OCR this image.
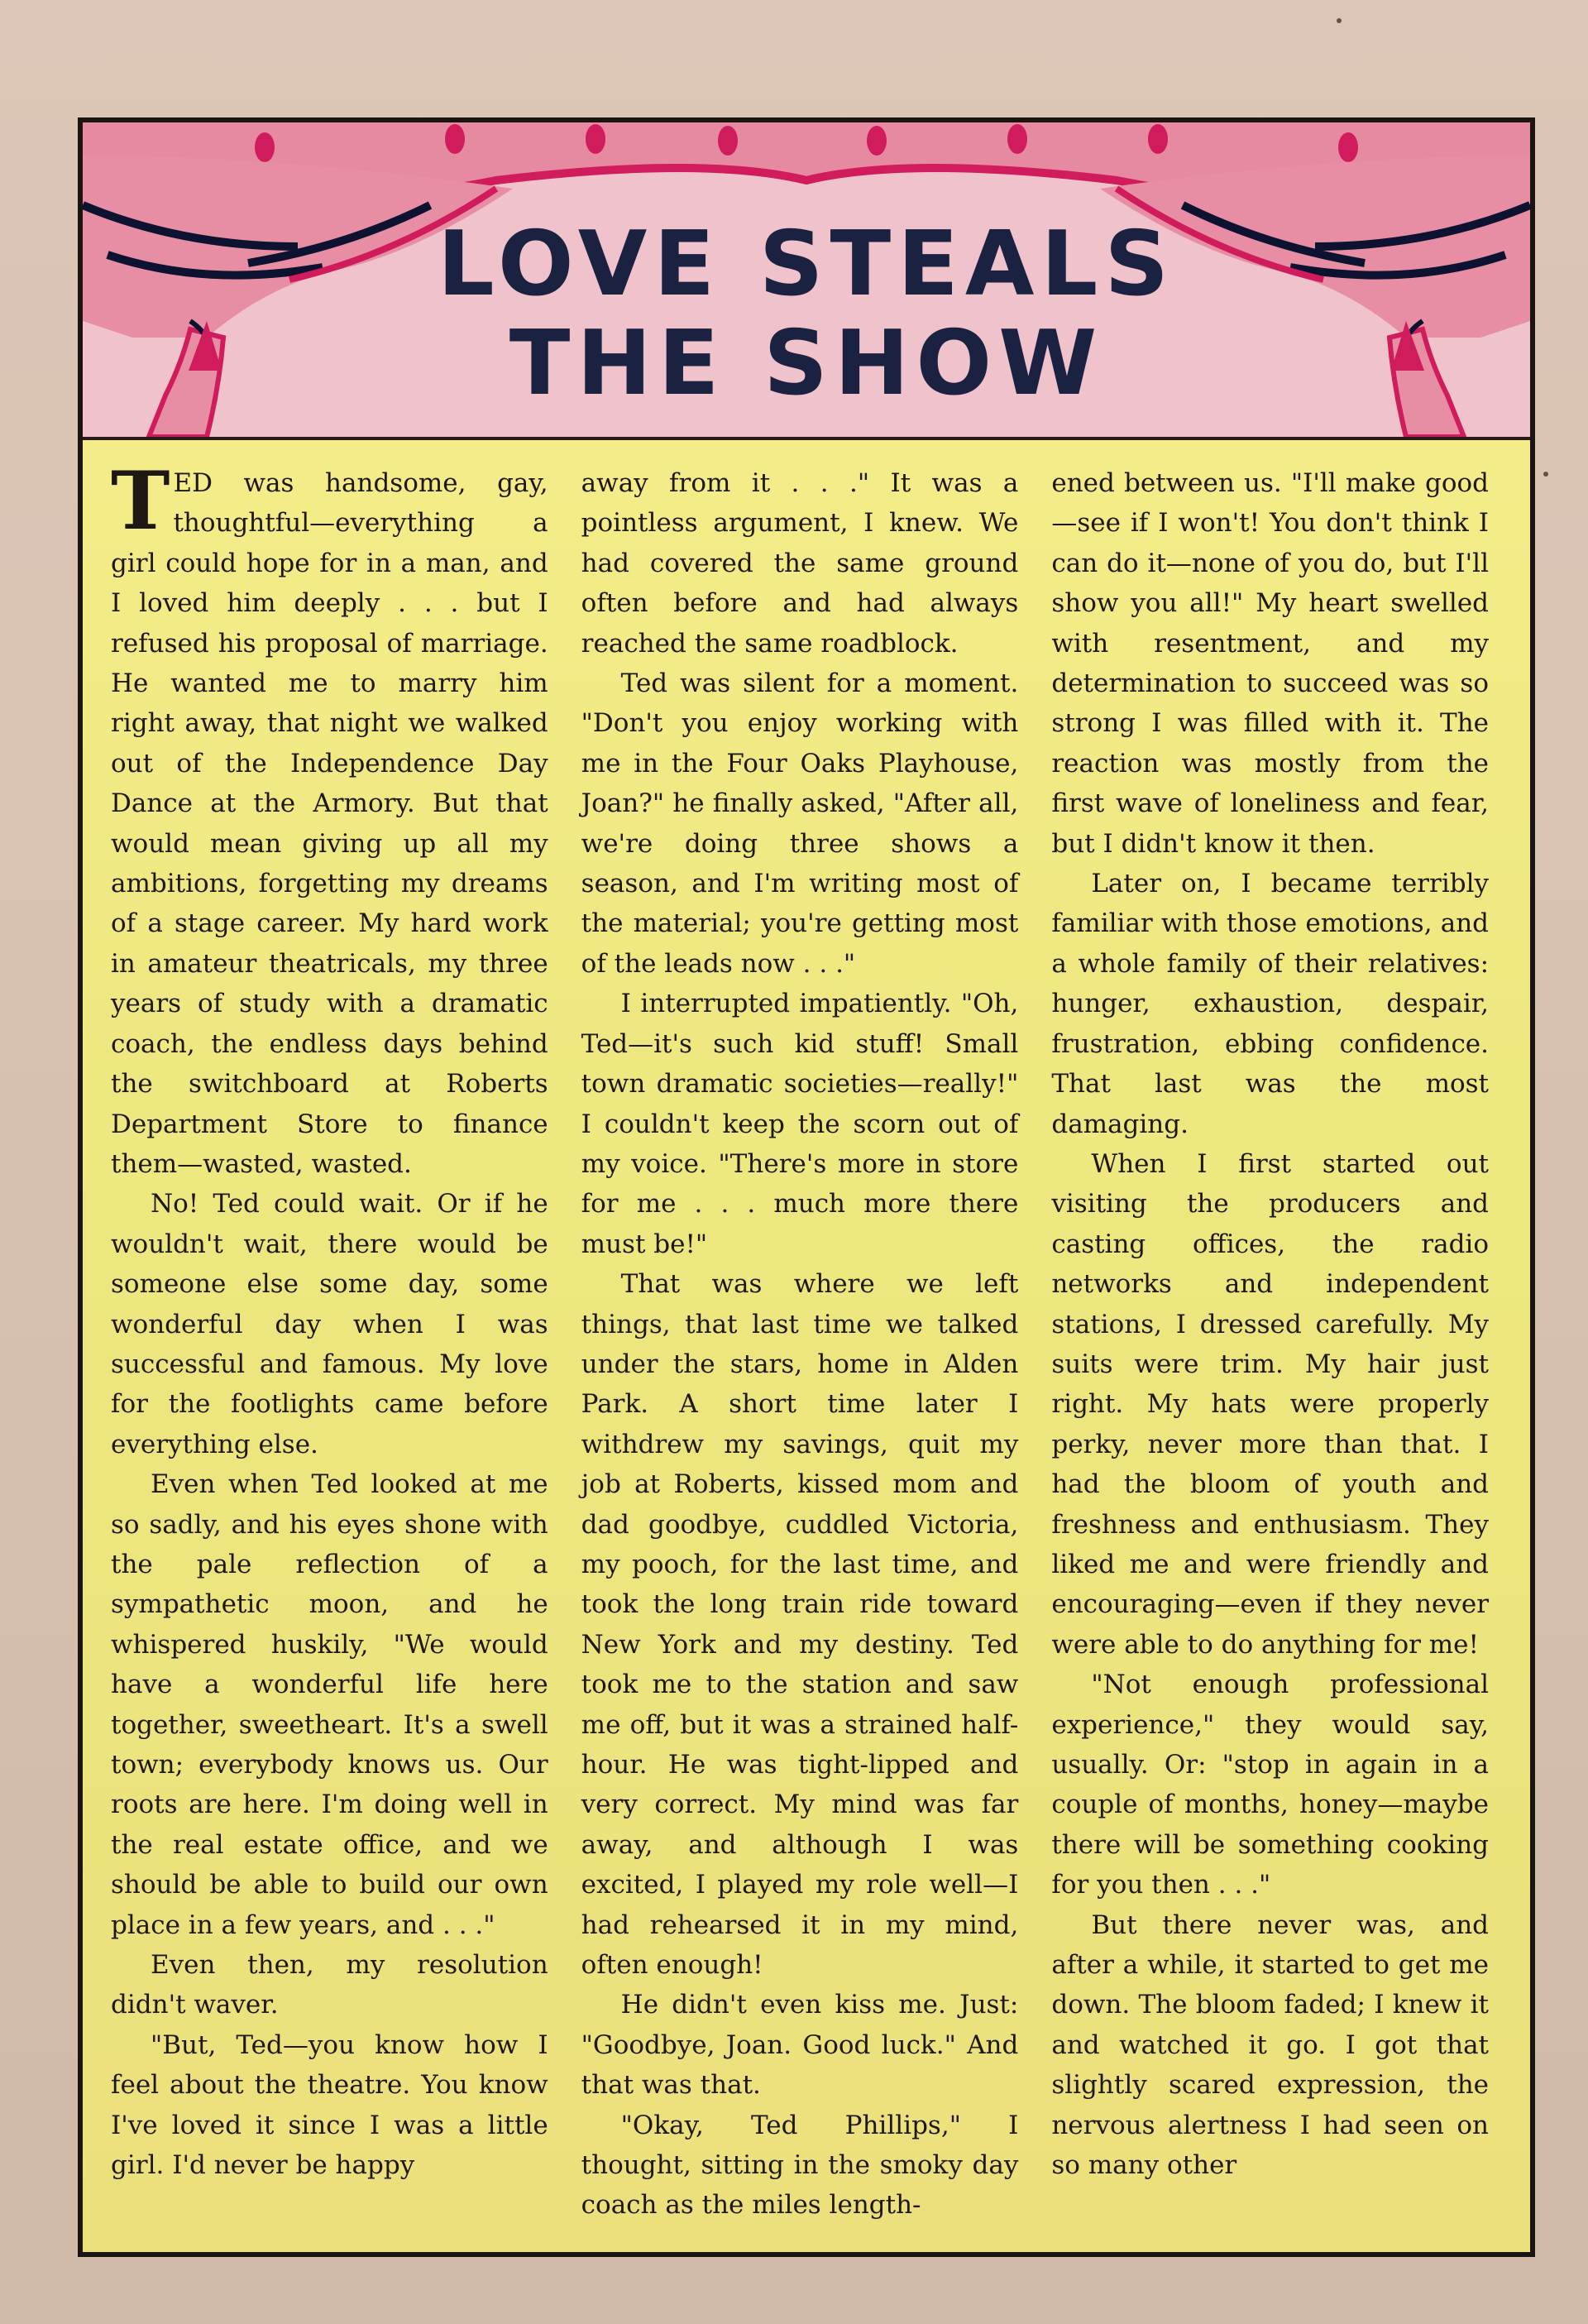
LOVE STEALS
THE SHOW

TED was handsome, gay, thoughtful—everything a girl could hope for in a man, and I loved him deeply . . . but I refused his proposal of marriage. He wanted me to marry him right away, that night we walked out of the Independence Day Dance at the Armory. But that would mean giving up all my ambitions, forgetting my dreams of a stage career. My hard work in amateur theatricals, my three years of study with a dramatic coach, the endless days behind the switchboard at Roberts Department Store to finance them—wasted, wasted.

No! Ted could wait. Or if he wouldn't wait, there would be someone else some day, some wonderful day when I was successful and famous. My love for the footlights came before everything else.

Even when Ted looked at me so sadly, and his eyes shone with the pale reflection of a sympathetic moon, and he whispered huskily, "We would have a wonderful life here together, sweetheart. It's a swell town; everybody knows us. Our roots are here. I'm doing well in the real estate office, and we should be able to build our own place in a few years, and . . ."

Even then, my resolution didn't waver.

"But, Ted—you know how I feel about the theatre. You know I've loved it since I was a little girl. I'd never be happy

away from it . . ." It was a pointless argument, I knew. We had covered the same ground often before and had always reached the same roadblock.

Ted was silent for a moment. "Don't you enjoy working with me in the Four Oaks Playhouse, Joan?" he finally asked, "After all, we're doing three shows a season, and I'm writing most of the material; you're getting most of the leads now . . ."

I interrupted impatiently. "Oh, Ted—it's such kid stuff! Small town dramatic societies—really!" I couldn't keep the scorn out of my voice. "There's more in store for me . . . much more there must be!"

That was where we left things, that last time we talked under the stars, home in Alden Park. A short time later I withdrew my savings, quit my job at Roberts, kissed mom and dad goodbye, cuddled Victoria, my pooch, for the last time, and took the long train ride toward New York and my destiny. Ted took me to the station and saw me off, but it was a strained half-hour. He was tight-lipped and very correct. My mind was far away, and although I was excited, I played my role well—I had rehearsed it in my mind, often enough!

He didn't even kiss me. Just: "Goodbye, Joan. Good luck." And that was that.

"Okay, Ted Phillips," I thought, sitting in the smoky day coach as the miles length-

ened between us. "I'll make good—see if I won't! You don't think I can do it—none of you do, but I'll show you all!" My heart swelled with resentment, and my determination to succeed was so strong I was filled with it. The reaction was mostly from the first wave of loneliness and fear, but I didn't know it then.

Later on, I became terribly familiar with those emotions, and a whole family of their relatives: hunger, exhaustion, despair, frustration, ebbing confidence. That last was the most damaging.

When I first started out visiting the producers and casting offices, the radio networks and independent stations, I dressed carefully. My suits were trim. My hair just right. My hats were properly perky, never more than that. I had the bloom of youth and freshness and enthusiasm. They liked me and were friendly and encouraging—even if they never were able to do anything for me!

"Not enough professional experience," they would say, usually. Or: "stop in again in a couple of months, honey—maybe there will be something cooking for you then . . ."

But there never was, and after a while, it started to get me down. The bloom faded; I knew it and watched it go. I got that slightly scared expression, the nervous alertness I had seen on so many other
